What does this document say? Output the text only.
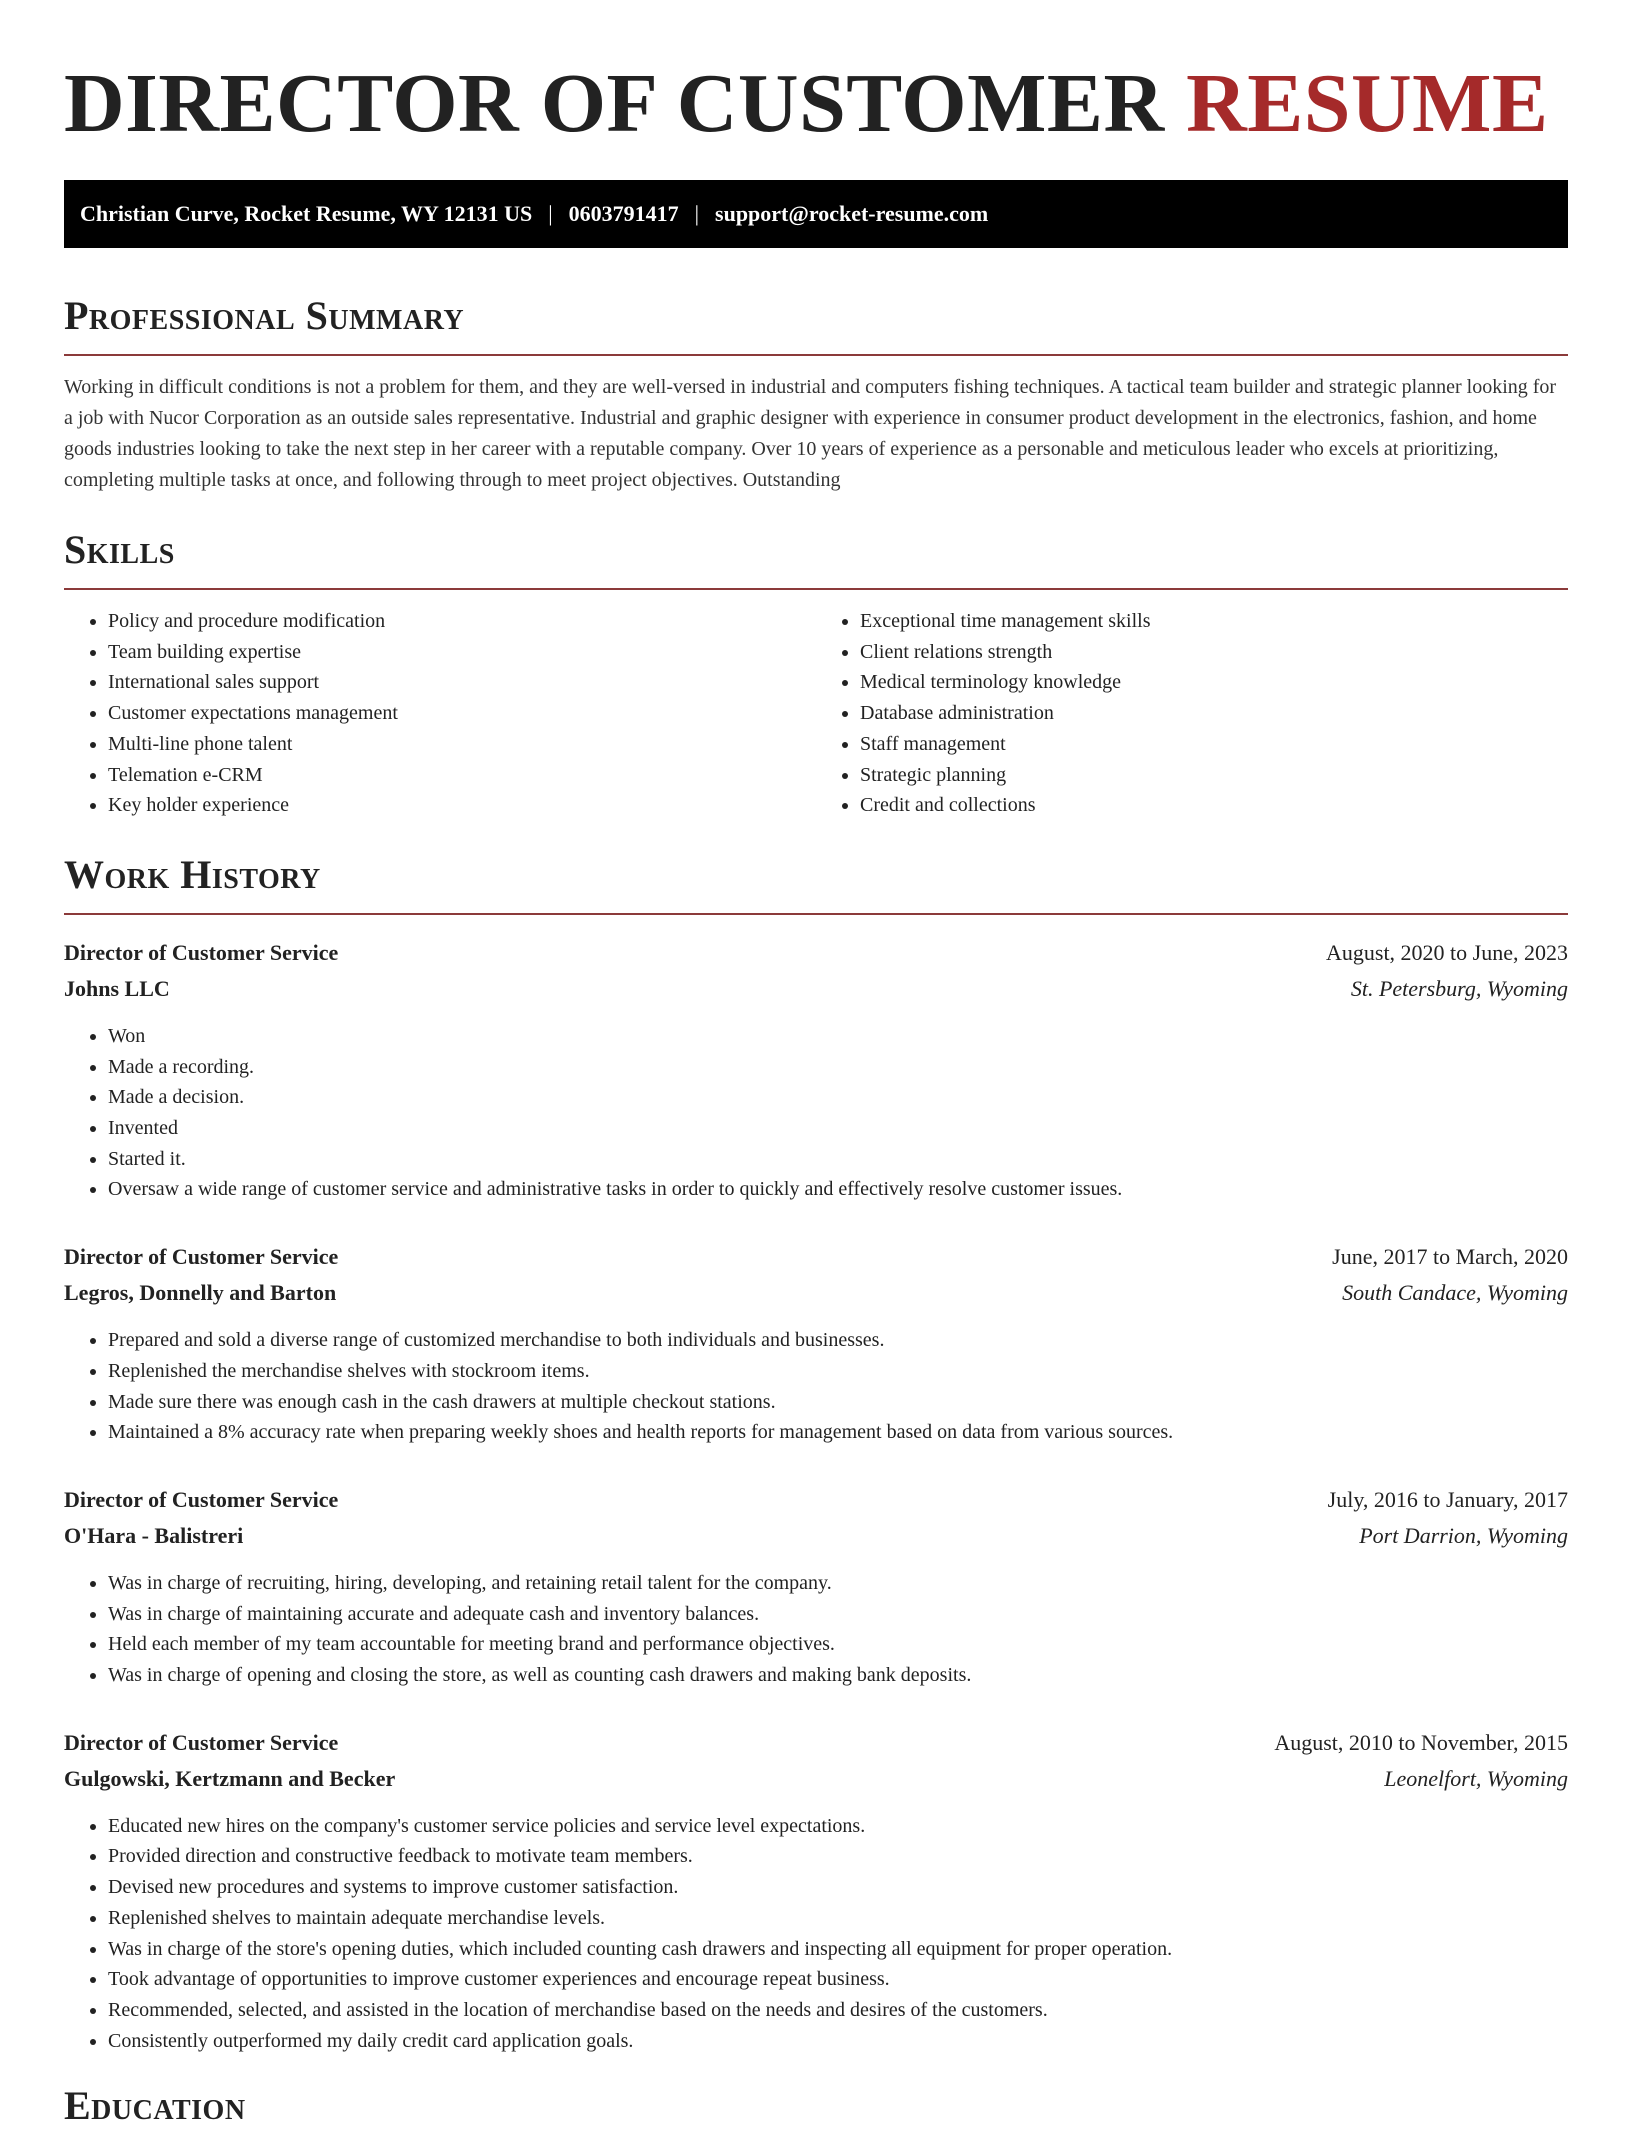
DIRECTOR OF CUSTOMER RESUME
Christian Curve, Rocket Resume, WY 12131 US | 0603791417 | support@rocket-resume.com
Professional Summary

Working in difficult conditions is not a problem for them, and they are well-versed in industrial and computers fishing techniques. A tactical team builder and strategic planner looking for a job with Nucor Corporation as an outside sales representative. Industrial and graphic designer with experience in consumer product development in the electronics, fashion, and home goods industries looking to take the next step in her career with a reputable company. Over 10 years of experience as a personable and meticulous leader who excels at prioritizing, completing multiple tasks at once, and following through to meet project objectives. Outstanding

Skills
• Policy and procedure modification
• Team building expertise
• International sales support
• Customer expectations management
• Multi-line phone talent
• Telemation e-CRM
• Key holder experience
• Exceptional time management skills
• Client relations strength
• Medical terminology knowledge
• Database administration
• Staff management
• Strategic planning
• Credit and collections
Work History
Director of Customer Service	August, 2020 to June, 2023
Johns LLC	St. Petersburg, Wyoming
• Won
• Made a recording.
• Made a decision.
• Invented
• Started it.
• Oversaw a wide range of customer service and administrative tasks in order to quickly and effectively resolve customer issues.
Director of Customer Service	June, 2017 to March, 2020
Legros, Donnelly and Barton	South Candace, Wyoming
• Prepared and sold a diverse range of customized merchandise to both individuals and businesses.
• Replenished the merchandise shelves with stockroom items.
• Made sure there was enough cash in the cash drawers at multiple checkout stations.
• Maintained a 8% accuracy rate when preparing weekly shoes and health reports for management based on data from various sources.
Director of Customer Service	July, 2016 to January, 2017
O'Hara - Balistreri	Port Darrion, Wyoming
• Was in charge of recruiting, hiring, developing, and retaining retail talent for the company.
• Was in charge of maintaining accurate and adequate cash and inventory balances.
• Held each member of my team accountable for meeting brand and performance objectives.
• Was in charge of opening and closing the store, as well as counting cash drawers and making bank deposits.
Director of Customer Service	August, 2010 to November, 2015
Gulgowski, Kertzmann and Becker	Leonelfort, Wyoming
• Educated new hires on the company's customer service policies and service level expectations.
• Provided direction and constructive feedback to motivate team members.
• Devised new procedures and systems to improve customer satisfaction.
• Replenished shelves to maintain adequate merchandise levels.
• Was in charge of the store's opening duties, which included counting cash drawers and inspecting all equipment for proper operation.
• Took advantage of opportunities to improve customer experiences and encourage repeat business.
• Recommended, selected, and assisted in the location of merchandise based on the needs and desires of the customers.
• Consistently outperformed my daily credit card application goals.
Education
